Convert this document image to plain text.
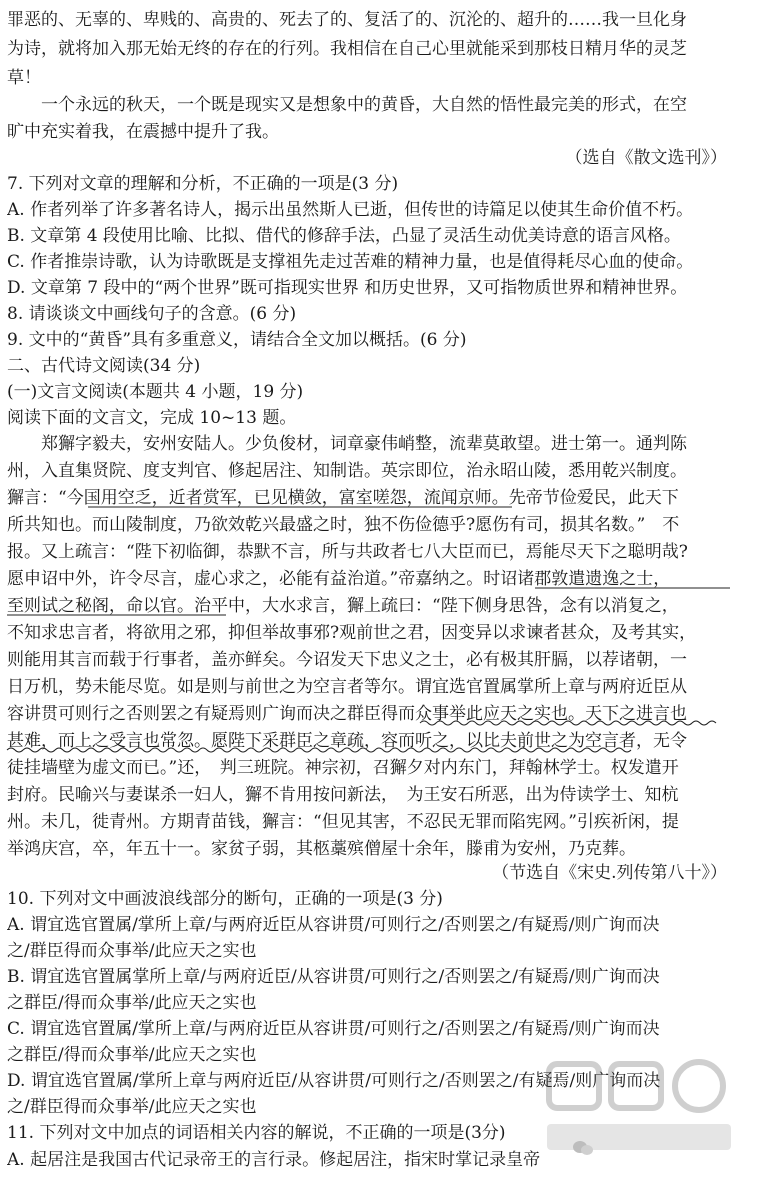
罪恶的、无辜的、卑贱的、高贵的、死去了的、复活了的、沉沦的、超升的……我一旦化身
为诗，就将加入那无始无终的存在的行列。我相信在自己心里就能采到那枝日精月华的灵芝
草！
一个永远的秋天，一个既是现实又是想象中的黄昏，大自然的悟性最完美的形式，在空
旷中充实着我，在震撼中提升了我。
（选自《散文选刊》）
7. 下列对文章的理解和分析，不正确的一项是(3 分)
A. 作者列举了许多著名诗人，揭示出虽然斯人已逝，但传世的诗篇足以使其生命价值不朽。
B. 文章第 4 段使用比喻、比拟、借代的修辞手法，凸显了灵活生动优美诗意的语言风格。
C. 作者推崇诗歌，认为诗歌既是支撑祖先走过苦难的精神力量，也是值得耗尽心血的使命。
D. 文章第 7 段中的“两个世界”既可指现实世界 和历史世界，又可指物质世界和精神世界。
8. 请谈谈文中画线句子的含意。(6 分)
9. 文中的“黄昏”具有多重意义，请结合全文加以概括。(6 分)
二、古代诗文阅读(34 分)
(一)文言文阅读(本题共 4 小题，19 分)
阅读下面的文言文，完成 10~13 题。
郑獬字毅夫，安州安陆人。少负俊材，词章豪伟峭整，流辈莫敢望。进士第一。通判陈
州，入直集贤院、度支判官、修起居注、知制诰。英宗即位，治永昭山陵，悉用乾兴制度。
獬言：“今国用空乏，近者赏军，已见横敛，富室嗟怨，流闻京师。先帝节俭爱民，此天下
所共知也。而山陵制度，乃欲效乾兴最盛之时，独不伤俭德乎?愿伤有司，损其名数。”　不
报。又上疏言：“陛下初临御，恭默不言，所与共政者七八大臣而已，焉能尽天下之聪明哉?
愿申诏中外，许令尽言，虚心求之，必能有益治道。”帝嘉纳之。时诏诸郡敦遣遗逸之士，
至则试之秘阁，命以官。治平中，大水求言，獬上疏曰：“陛下侧身思咎，念有以消复之，
不知求忠言者，将欲用之邪，抑但举故事邪?观前世之君，因变异以求谏者甚众，及考其实，
则能用其言而载于行事者，盖亦鲜矣。今诏发天下忠义之士，必有极其肝膈，以荐诸朝，一
日万机，势未能尽览。如是则与前世之为空言者等尔。谓宜选官置属掌所上章与两府近臣从
容讲贯可则行之否则罢之有疑焉则广询而决之群臣得而众事举此应天之实也。天下之进言也
甚难，而上之受言也常忽。愿陛下采群臣之章疏，容而听之，以比夫前世之为空言者，无令
徒挂墙壁为虚文而已。”还，　判三班院。神宗初，召獬夕对内东门，拜翰林学士。权发遣开
封府。民喻兴与妻谋杀一妇人，獬不肯用按问新法，　为王安石所恶，出为侍读学士、知杭
州。未几，徙青州。方期青苗钱，獬言：“但见其害，不忍民无罪而陷宪网。”引疾祈闲，提
举鸿庆宫，卒，年五十一。家贫子弱，其柩藁殡僧屋十余年，滕甫为安州，乃克葬。
（节选自《宋史.列传第八十》）
10. 下列对文中画波浪线部分的断句，正确的一项是(3 分)
A. 谓宜选官置属/掌所上章/与两府近臣从容讲贯/可则行之/否则罢之/有疑焉/则广询而决
之/群臣得而众事举/此应天之实也
B. 谓宜选官置属掌所上章/与两府近臣/从容讲贯/可则行之/否则罢之/有疑焉/则广询而决
之群臣/得而众事举/此应天之实也
C. 谓宜选官置属/掌所上章/与两府近臣从容讲贯/可则行之/否则罢之/有疑焉/则广询而决
之群臣/得而众事举/此应天之实也
D. 谓宜选官置属/掌所上章与两府近臣/从容讲贯/可则行之/否则罢之/有疑焉/则广询而决
之/群臣得而众事举/此应天之实也
11. 下列对文中加点的词语相关内容的解说，不正确的一项是(3分)
A. 起居注是我国古代记录帝王的言行录。修起居注，指宋时掌记录皇帝
